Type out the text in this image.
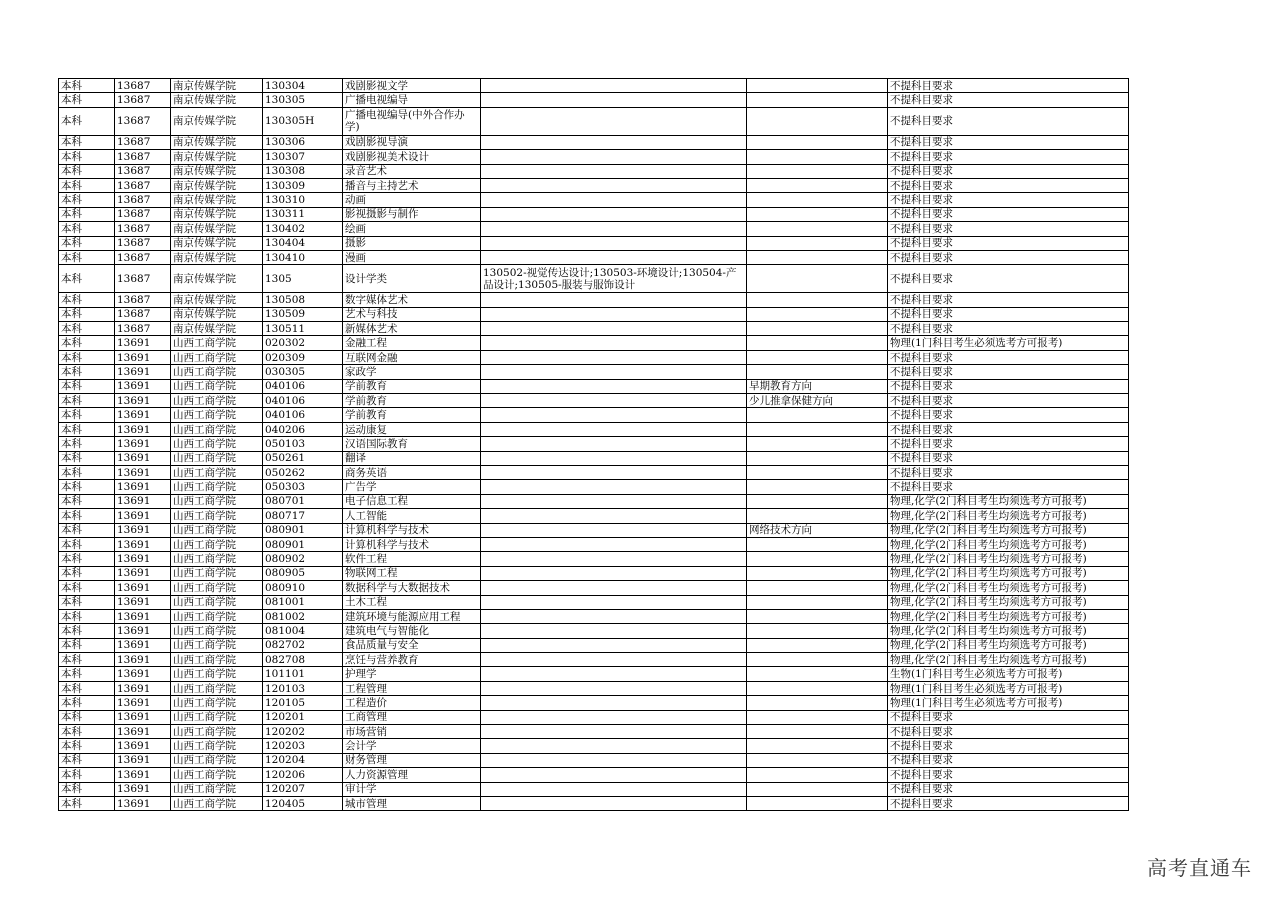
本科	13687	南京传媒学院	130304	戏剧影视文学			不提科目要求
本科	13687	南京传媒学院	130305	广播电视编导			不提科目要求
本科	13687	南京传媒学院	130305H	广播电视编导(中外合作办学)			不提科目要求
本科	13687	南京传媒学院	130306	戏剧影视导演			不提科目要求
本科	13687	南京传媒学院	130307	戏剧影视美术设计			不提科目要求
本科	13687	南京传媒学院	130308	录音艺术			不提科目要求
本科	13687	南京传媒学院	130309	播音与主持艺术			不提科目要求
本科	13687	南京传媒学院	130310	动画			不提科目要求
本科	13687	南京传媒学院	130311	影视摄影与制作			不提科目要求
本科	13687	南京传媒学院	130402	绘画			不提科目要求
本科	13687	南京传媒学院	130404	摄影			不提科目要求
本科	13687	南京传媒学院	130410	漫画			不提科目要求
本科	13687	南京传媒学院	1305	设计学类	130502-视觉传达设计;130503-环境设计;130504-产品设计;130505-服装与服饰设计		不提科目要求
本科	13687	南京传媒学院	130508	数字媒体艺术			不提科目要求
本科	13687	南京传媒学院	130509	艺术与科技			不提科目要求
本科	13687	南京传媒学院	130511	新媒体艺术			不提科目要求
本科	13691	山西工商学院	020302	金融工程			物理(1门科目考生必须选考方可报考)
本科	13691	山西工商学院	020309	互联网金融			不提科目要求
本科	13691	山西工商学院	030305	家政学			不提科目要求
本科	13691	山西工商学院	040106	学前教育		早期教育方向	不提科目要求
本科	13691	山西工商学院	040106	学前教育		少儿推拿保健方向	不提科目要求
本科	13691	山西工商学院	040106	学前教育			不提科目要求
本科	13691	山西工商学院	040206	运动康复			不提科目要求
本科	13691	山西工商学院	050103	汉语国际教育			不提科目要求
本科	13691	山西工商学院	050261	翻译			不提科目要求
本科	13691	山西工商学院	050262	商务英语			不提科目要求
本科	13691	山西工商学院	050303	广告学			不提科目要求
本科	13691	山西工商学院	080701	电子信息工程			物理,化学(2门科目考生均须选考方可报考)
本科	13691	山西工商学院	080717	人工智能			物理,化学(2门科目考生均须选考方可报考)
本科	13691	山西工商学院	080901	计算机科学与技术		网络技术方向	物理,化学(2门科目考生均须选考方可报考)
本科	13691	山西工商学院	080901	计算机科学与技术			物理,化学(2门科目考生均须选考方可报考)
本科	13691	山西工商学院	080902	软件工程			物理,化学(2门科目考生均须选考方可报考)
本科	13691	山西工商学院	080905	物联网工程			物理,化学(2门科目考生均须选考方可报考)
本科	13691	山西工商学院	080910	数据科学与大数据技术			物理,化学(2门科目考生均须选考方可报考)
本科	13691	山西工商学院	081001	土木工程			物理,化学(2门科目考生均须选考方可报考)
本科	13691	山西工商学院	081002	建筑环境与能源应用工程			物理,化学(2门科目考生均须选考方可报考)
本科	13691	山西工商学院	081004	建筑电气与智能化			物理,化学(2门科目考生均须选考方可报考)
本科	13691	山西工商学院	082702	食品质量与安全			物理,化学(2门科目考生均须选考方可报考)
本科	13691	山西工商学院	082708	烹饪与营养教育			物理,化学(2门科目考生均须选考方可报考)
本科	13691	山西工商学院	101101	护理学			生物(1门科目考生必须选考方可报考)
本科	13691	山西工商学院	120103	工程管理			物理(1门科目考生必须选考方可报考)
本科	13691	山西工商学院	120105	工程造价			物理(1门科目考生必须选考方可报考)
本科	13691	山西工商学院	120201	工商管理			不提科目要求
本科	13691	山西工商学院	120202	市场营销			不提科目要求
本科	13691	山西工商学院	120203	会计学			不提科目要求
本科	13691	山西工商学院	120204	财务管理			不提科目要求
本科	13691	山西工商学院	120206	人力资源管理			不提科目要求
本科	13691	山西工商学院	120207	审计学			不提科目要求
本科	13691	山西工商学院	120405	城市管理			不提科目要求
高考直通车
